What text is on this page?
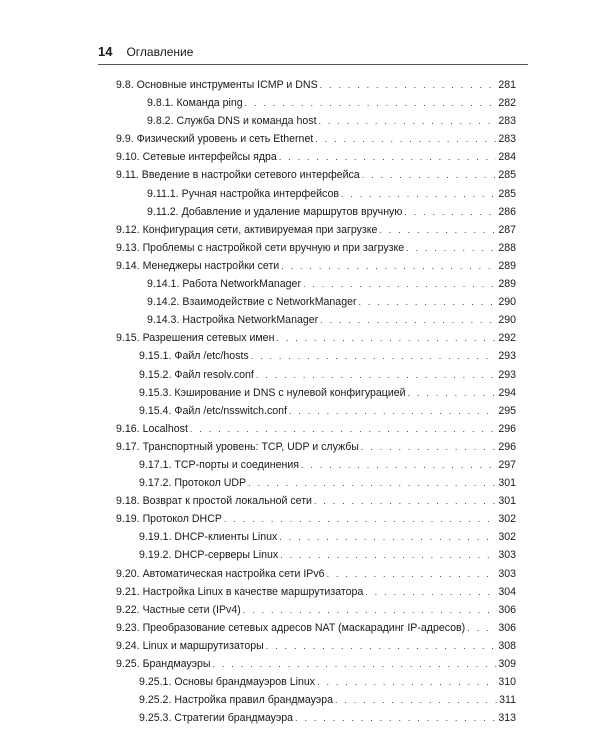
14 Оглавление
9.8. Основные инструменты ICMP и DNS . . .	281
9.8.1. Команда ping . . .	282
9.8.2. Служба DNS и команда host . . .	283
9.9. Физический уровень и сеть Ethernet . . .	283
9.10. Сетевые интерфейсы ядра . . .	284
9.11. Введение в настройки сетевого интерфейса . . .	285
9.11.1. Ручная настройка интерфейсов . . .	285
9.11.2. Добавление и удаление маршрутов вручную . . .	286
9.12. Конфигурация сети, активируемая при загрузке . . .	287
9.13. Проблемы с настройкой сети вручную и при загрузке . . .	288
9.14. Менеджеры настройки сети . . .	289
9.14.1. Работа NetworkManager . . .	289
9.14.2. Взаимодействие с NetworkManager . . .	290
9.14.3. Настройка NetworkManager . . .	290
9.15. Разрешения сетевых имен . . .	292
9.15.1. Файл /etc/hosts . . .	293
9.15.2. Файл resolv.conf . . .	293
9.15.3. Кэширование и DNS с нулевой конфигурацией . . .	294
9.15.4. Файл /etc/nsswitch.conf . . .	295
9.16. Localhost . . .	296
9.17. Транспортный уровень: TCP, UDP и службы . . .	296
9.17.1. TCP-порты и соединения . . .	297
9.17.2. Протокол UDP . . .	301
9.18. Возврат к простой локальной сети . . .	301
9.19. Протокол DHCP . . .	302
9.19.1. DHCP-клиенты Linux . . .	302
9.19.2. DHCP-серверы Linux . . .	303
9.20. Автоматическая настройка сети IPv6 . . .	303
9.21. Настройка Linux в качестве маршрутизатора . . .	304
9.22. Частные сети (IPv4) . . .	306
9.23. Преобразование сетевых адресов NAT (маскарадинг IP-адресов) . . .	306
9.24. Linux и маршрутизаторы . . .	308
9.25. Брандмауэры . . .	309
9.25.1. Основы брандмауэров Linux . . .	310
9.25.2. Настройка правил брандмауэра . . .	311
9.25.3. Стратегии брандмауэра . . .	313
